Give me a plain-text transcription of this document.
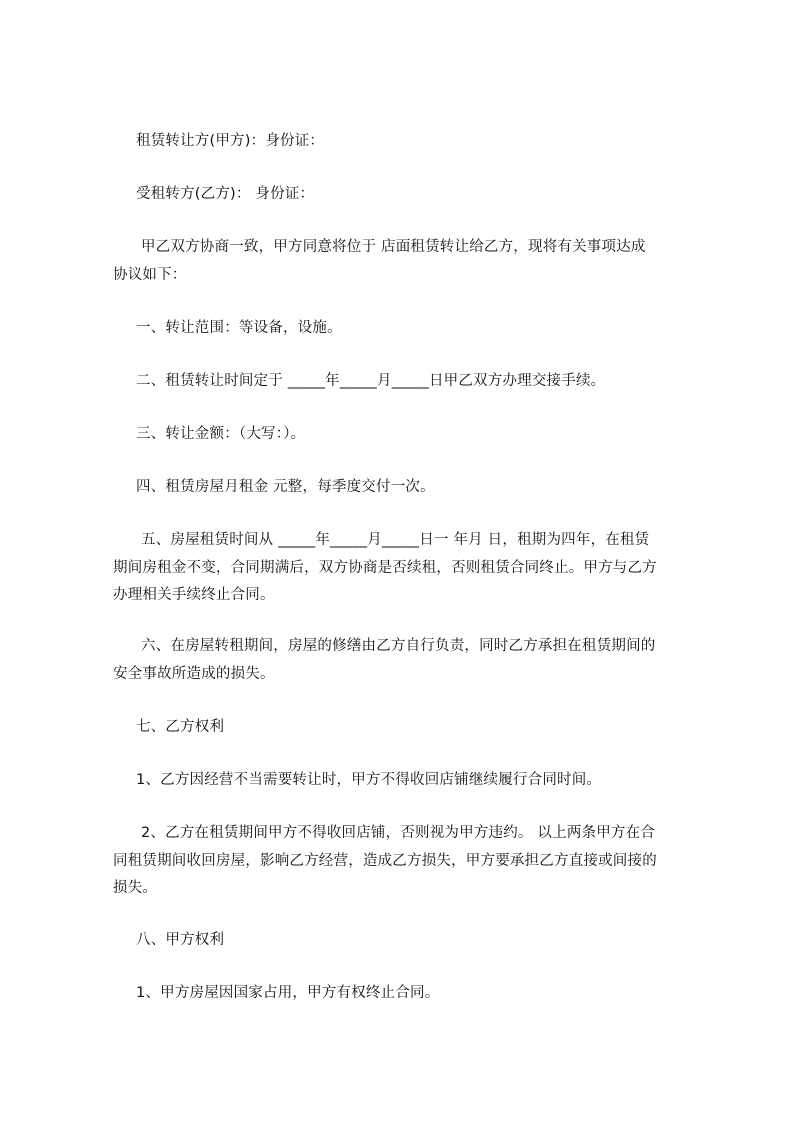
租赁转让方(甲方)：身份证：
受租转方(乙方)： 身份证：
甲乙双方协商一致，甲方同意将位于 店面租赁转让给乙方，现将有关事项达成
协议如下：
一、转让范围：等设备，设施。
二、租赁转让时间定于 _____年_____月_____日甲乙双方办理交接手续。
三、转让金额：（大写：）。
四、租赁房屋月租金 元整，每季度交付一次。
五、房屋租赁时间从 _____年_____月_____日一 年月 日，租期为四年，在租赁
期间房租金不变，合同期满后，双方协商是否续租，否则租赁合同终止。甲方与乙方
办理相关手续终止合同。
六、在房屋转租期间，房屋的修缮由乙方自行负责，同时乙方承担在租赁期间的
安全事故所造成的损失。
七、乙方权利
1、乙方因经营不当需要转让时，甲方不得收回店铺继续履行合同时间。
2、乙方在租赁期间甲方不得收回店铺，否则视为甲方违约。 以上两条甲方在合
同租赁期间收回房屋，影响乙方经营，造成乙方损失，甲方要承担乙方直接或间接的
损失。
八、甲方权利
1、甲方房屋因国家占用，甲方有权终止合同。
